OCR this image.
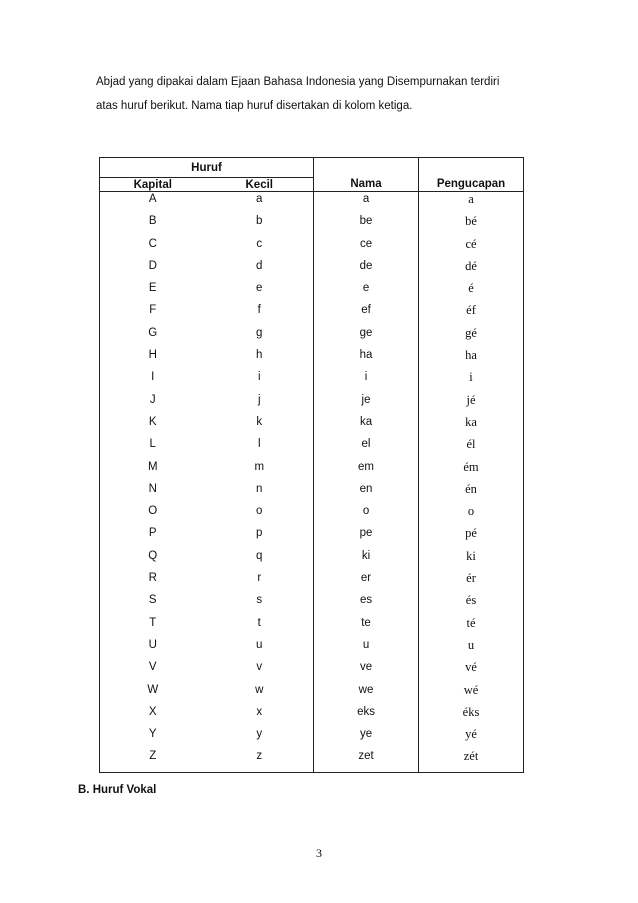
Abjad yang dipakai dalam Ejaan Bahasa Indonesia yang Disempurnakan terdiri

atas huruf berikut. Nama tiap huruf disertakan di kolom ketiga.

Huruf		Nama	Pengucapan
Kapital	Kecil		
A	a	a	a
B	b	be	bé
C	c	ce	cé
D	d	de	dé
E	e	e	é
F	f	ef	éf
G	g	ge	gé
H	h	ha	ha
I	i	i	i
J	j	je	jé
K	k	ka	ka
L	l	el	él
M	m	em	ém
N	n	en	én
O	o	o	o
P	p	pe	pé
Q	q	ki	ki
R	r	er	ér
S	s	es	és
T	t	te	té
U	u	u	u
V	v	ve	vé
W	w	we	wé
X	x	eks	éks
Y	y	ye	yé
Z	z	zet	zét
B. Huruf Vokal
3
